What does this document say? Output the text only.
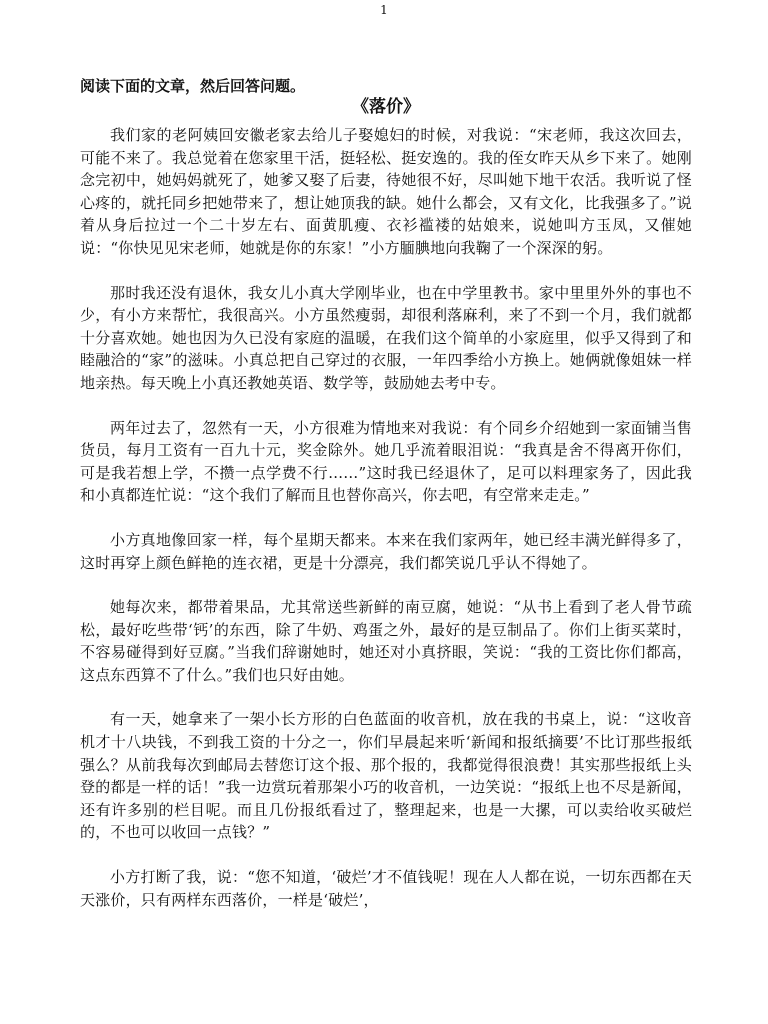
1

阅读下面的文章，然后回答问题。

《落价》

我们家的老阿姨回安徽老家去给儿子娶媳妇的时候，对我说：“宋老师，我这次回去，可能不来了。我总觉着在您家里干活，挺轻松、挺安逸的。我的侄女昨天从乡下来了。她刚念完初中，她妈妈就死了，她爹又娶了后妻，待她很不好，尽叫她下地干农活。我听说了怪心疼的，就托同乡把她带来了，想让她顶我的缺。她什么都会，又有文化，比我强多了。”说着从身后拉过一个二十岁左右、面黄肌瘦、衣衫褴褛的姑娘来，说她叫方玉凤，又催她说：“你快见见宋老师，她就是你的东家！”小方腼腆地向我鞠了一个深深的躬。

那时我还没有退休，我女儿小真大学刚毕业，也在中学里教书。家中里里外外的事也不少，有小方来帮忙，我很高兴。小方虽然瘦弱，却很利落麻利，来了不到一个月，我们就都十分喜欢她。她也因为久已没有家庭的温暖，在我们这个简单的小家庭里，似乎又得到了和睦融洽的“家”的滋味。小真总把自己穿过的衣服，一年四季给小方换上。她俩就像姐妹一样地亲热。每天晚上小真还教她英语、数学等，鼓励她去考中专。

两年过去了，忽然有一天，小方很难为情地来对我说：有个同乡介绍她到一家面铺当售货员，每月工资有一百九十元，奖金除外。她几乎流着眼泪说：“我真是舍不得离开你们，可是我若想上学，不攒一点学费不行……”这时我已经退休了，足可以料理家务了，因此我和小真都连忙说：“这个我们了解而且也替你高兴，你去吧，有空常来走走。”

小方真地像回家一样，每个星期天都来。本来在我们家两年，她已经丰满光鲜得多了，这时再穿上颜色鲜艳的连衣裙，更是十分漂亮，我们都笑说几乎认不得她了。

她每次来，都带着果品，尤其常送些新鲜的南豆腐，她说：“从书上看到了老人骨节疏松，最好吃些带‘钙’的东西，除了牛奶、鸡蛋之外，最好的是豆制品了。你们上街买菜时，不容易碰得到好豆腐。”当我们辞谢她时，她还对小真挤眼，笑说：“我的工资比你们都高，这点东西算不了什么。”我们也只好由她。

有一天，她拿来了一架小长方形的白色蓝面的收音机，放在我的书桌上，说：“这收音机才十八块钱，不到我工资的十分之一，你们早晨起来听‘新闻和报纸摘要’不比订那些报纸强么？从前我每次到邮局去替您订这个报、那个报的，我都觉得很浪费！其实那些报纸上头登的都是一样的话！”我一边赏玩着那架小巧的收音机，一边笑说：“报纸上也不尽是新闻，还有许多别的栏目呢。而且几份报纸看过了，整理起来，也是一大摞，可以卖给收买破烂的，不也可以收回一点钱？”

小方打断了我，说：“您不知道，‘破烂’才不值钱呢！现在人人都在说，一切东西都在天天涨价，只有两样东西落价，一样是‘破烂’，
